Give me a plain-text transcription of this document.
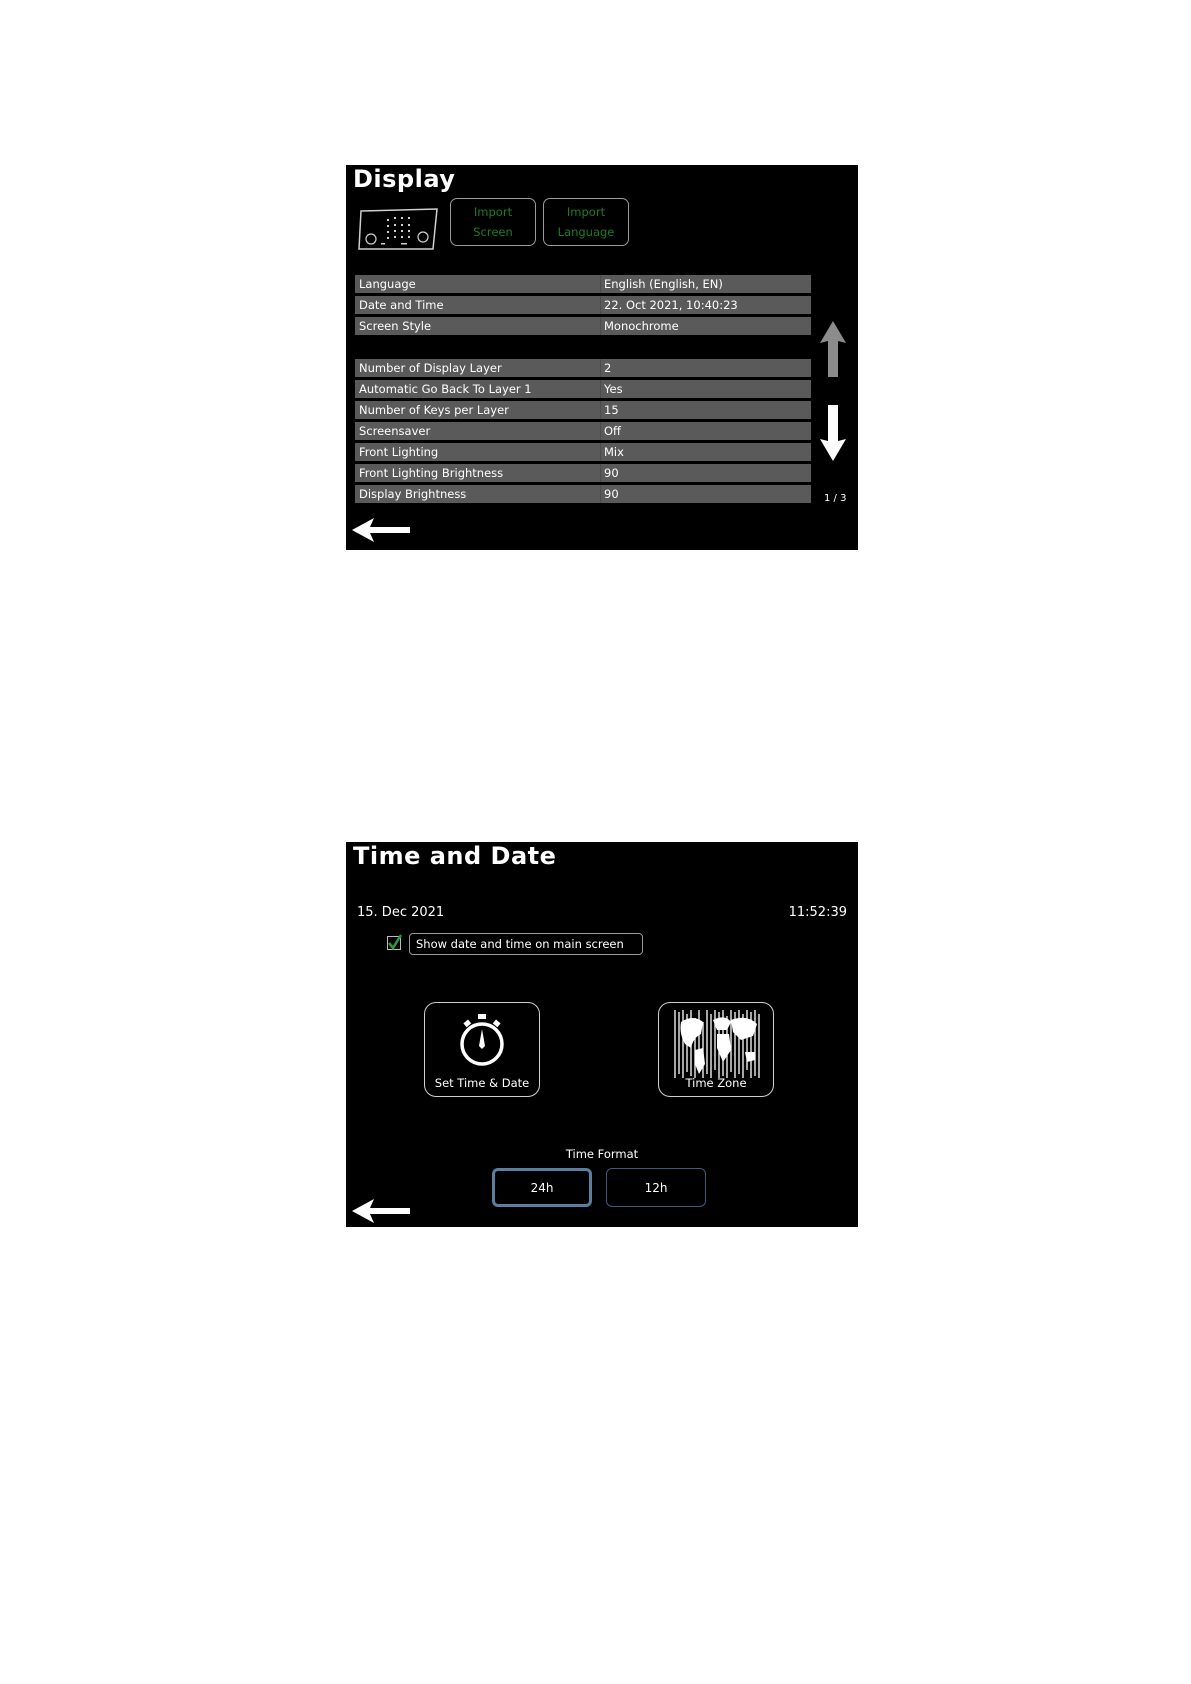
Display
Import
Screen
Import
Language
Language	English (English, EN)
Date and Time	22. Oct 2021, 10:40:23
Screen Style	Monochrome
Number of Display Layer	2
Automatic Go Back To Layer 1	Yes
Number of Keys per Layer	15
Screensaver	Off
Front Lighting	Mix
Front Lighting Brightness	90
Display Brightness	90	1 / 3
Time and Date
15. Dec 2021	11:52:39
Show date and time on main screen
Set Time & Date	Time Zone
Time Format
24h	12h
